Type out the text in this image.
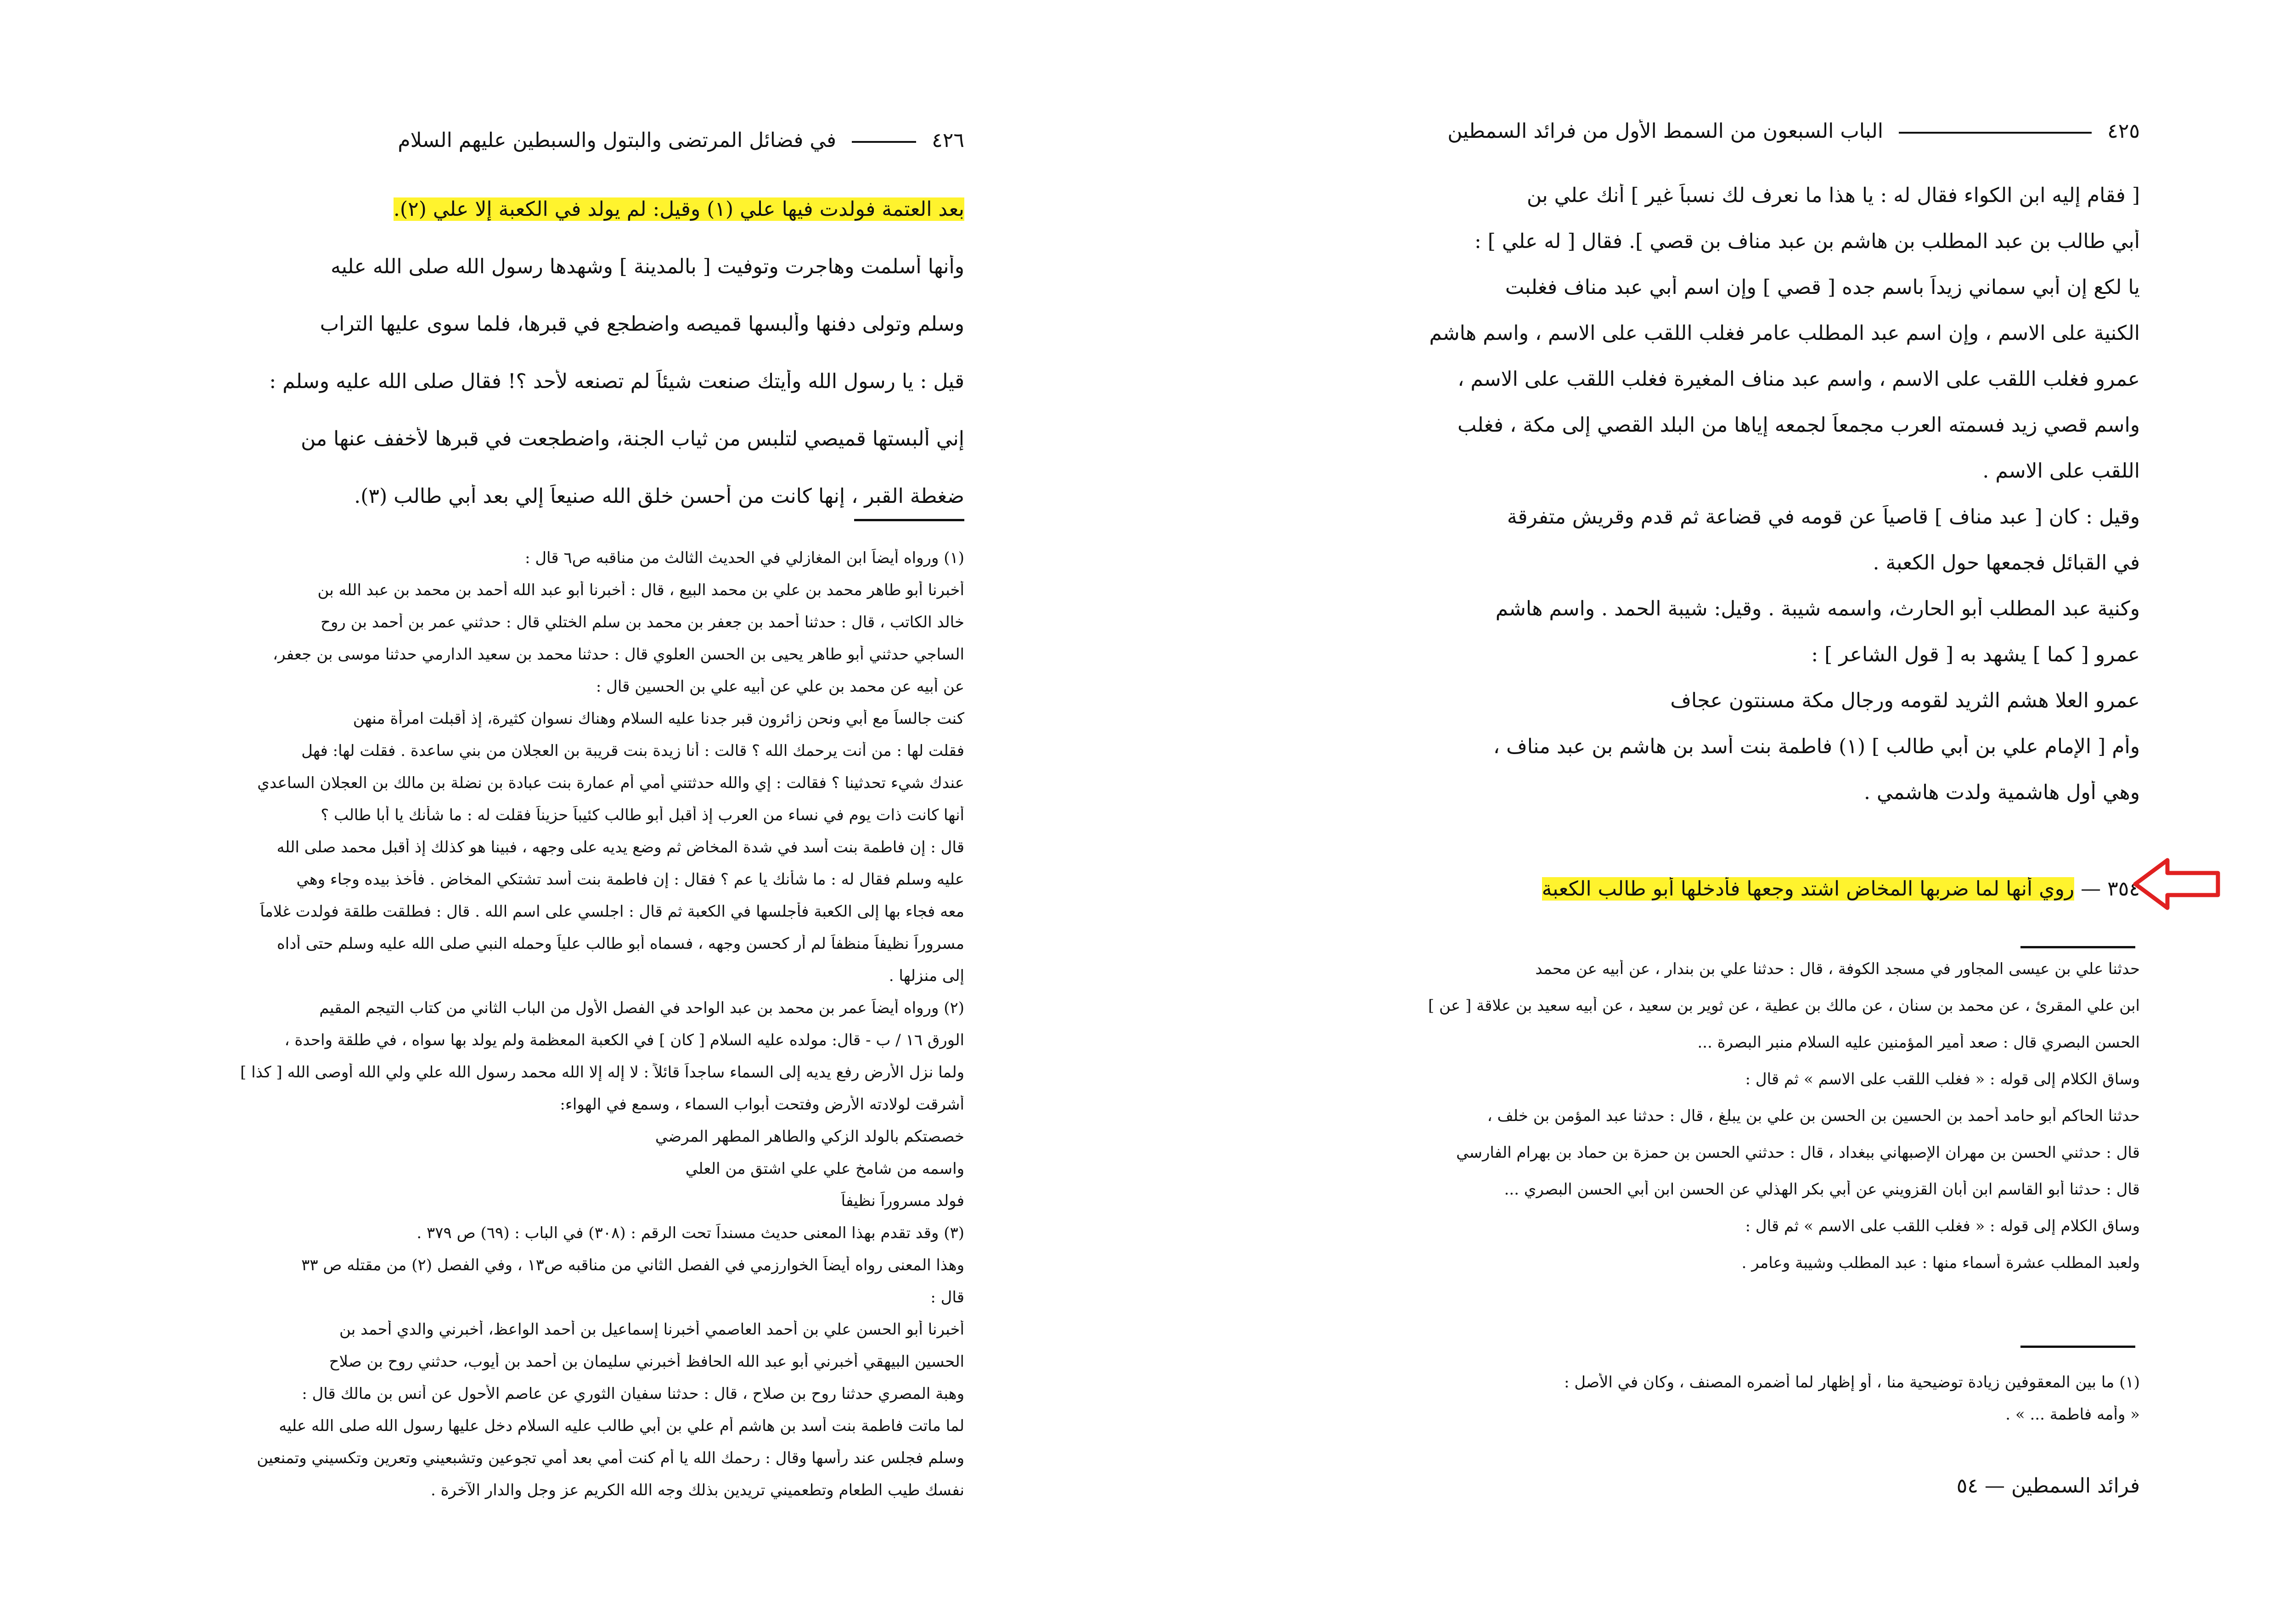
٤٢٦  في فضائل المرتضى والبتول والسبطين عليهم السلام
بعد العتمة فولدت فيها علي (١) وقيل: لم يولد في الكعبة إلا علي (٢).
وأنها أسلمت وهاجرت وتوفيت [ بالمدينة ] وشهدها رسول الله صلى الله عليه
وسلم وتولى دفنها وألبسها قميصه واضطجع في قبرها، فلما سوى عليها التراب
قيل : يا رسول الله وأيتك صنعت شيئاً لم تصنعه لأحد ؟! فقال صلى الله عليه وسلم :
إني ألبستها قميصي لتلبس من ثياب الجنة، واضطجعت في قبرها لأخفف عنها من
ضغطة القبر ، إنها كانت من أحسن خلق الله صنيعاً إلي بعد أبي طالب (٣).
(١) ورواه أيضاً ابن المغازلي في الحديث الثالث من مناقبه ص٦ قال :
أخبرنا أبو طاهر محمد بن علي بن محمد البيع ، قال : أخبرنا أبو عبد الله أحمد بن محمد بن عبد الله بن
خالد الكاتب ، قال : حدثنا أحمد بن جعفر بن محمد بن سلم الختلي قال : حدثني عمر بن أحمد بن روح
الساجي حدثني أبو طاهر يحيى بن الحسن العلوي قال : حدثنا محمد بن سعيد الدارمي حدثنا موسى بن جعفر،
عن أبيه عن محمد بن علي عن أبيه علي بن الحسين قال :
كنت جالساً مع أبي ونحن زائرون قبر جدنا عليه السلام وهناك نسوان كثيرة، إذ أقبلت امرأة منهن
فقلت لها : من أنت يرحمك الله ؟ قالت : أنا زيدة بنت قريبة بن العجلان من بني ساعدة . فقلت لها: فهل
عندك شيء تحدثينا ؟ فقالت : إي والله حدثتني أمي أم عمارة بنت عبادة بن نضلة بن مالك بن العجلان الساعدي
أنها كانت ذات يوم في نساء من العرب إذ أقبل أبو طالب كئيباً حزيناً فقلت له : ما شأنك يا أبا طالب ؟
قال : إن فاطمة بنت أسد في شدة المخاض ثم وضع يديه على وجهه ، فبينا هو كذلك إذ أقبل محمد صلى الله
عليه وسلم فقال له : ما شأنك يا عم ؟ فقال : إن فاطمة بنت أسد تشتكي المخاض . فأخذ بيده وجاء وهي
معه فجاء بها إلى الكعبة فأجلسها في الكعبة ثم قال : اجلسي على اسم الله . قال : فطلقت طلقة فولدت غلاماً
مسروراً نظيفاً منظفاً لم أر كحسن وجهه ، فسماه أبو طالب علياً وحمله النبي صلى الله عليه وسلم حتى أداه
إلى منزلها .
(٢) ورواه أيضاً عمر بن محمد بن عبد الواحد في الفصل الأول من الباب الثاني من كتاب التيجم المقيم
الورق ١٦ / ب - قال: مولده عليه السلام [ كان ] في الكعبة المعظمة ولم يولد بها سواه ، في طلقة واحدة ،
ولما نزل الأرض رفع يديه إلى السماء ساجداً قائلاً : لا إله إلا الله محمد رسول الله علي ولي الله أوصى الله [ كذا ]
أشرقت لولادته الأرض وفتحت أبواب السماء ، وسمع في الهواء:
خصصتكم بالولد الزكي والطاهر المطهر المرضي
واسمه من شامخ علي علي اشتق من العلي
فولد مسروراً نظيفاً
(٣) وقد تقدم بهذا المعنى حديث مسنداً تحت الرقم : (٣٠٨) في الباب : (٦٩) ص ٣٧٩ .
وهذا المعنى رواه أيضاً الخوارزمي في الفصل الثاني من مناقبه ص١٣ ، وفي الفصل (٢) من مقتله ص ٣٣
قال :
أخبرنا أبو الحسن علي بن أحمد العاصمي أخبرنا إسماعيل بن أحمد الواعظ، أخبرني والدي أحمد بن
الحسين البيهقي أخبرني أبو عبد الله الحافظ أخبرني سليمان بن أحمد بن أيوب، حدثني روح بن صلاح
وهبة المصري حدثنا روح بن صلاح ، قال : حدثنا سفيان الثوري عن عاصم الأحول عن أنس بن مالك قال :
لما ماتت فاطمة بنت أسد بن هاشم أم علي بن أبي طالب عليه السلام دخل عليها رسول الله صلى الله عليه
وسلم فجلس عند رأسها وقال : رحمك الله يا أم كنت أمي بعد أمي تجوعين وتشبعيني وتعرين وتكسيني وتمنعين
نفسك طيب الطعام وتطعميني تريدين بذلك وجه الله الكريم عز وجل والدار الآخرة .
٤٢٥  الباب السبعون من السمط الأول من فرائد السمطين
[ فقام إليه ابن الكواء فقال له : يا هذا ما نعرف لك نسباً غير ] أنك علي بن
أبي طالب بن عبد المطلب بن هاشم بن عبد مناف بن قصي ]. فقال [ له علي ] :
يا لكع إن أبي سماني زيداً باسم جده [ قصي ] وإن اسم أبي عبد مناف فغلبت
الكنية على الاسم ، وإن اسم عبد المطلب عامر فغلب اللقب على الاسم ، واسم هاشم
عمرو فغلب اللقب على الاسم ، واسم عبد مناف المغيرة فغلب اللقب على الاسم ،
واسم قصي زيد فسمته العرب مجمعاً لجمعه إياها من البلد القصي إلى مكة ، فغلب
اللقب على الاسم .
وقيل : كان [ عبد مناف ] قاصياً عن قومه في قضاعة ثم قدم وقريش متفرقة
في القبائل فجمعها حول الكعبة .
وكنية عبد المطلب أبو الحارث، واسمه شيبة . وقيل: شيبة الحمد . واسم هاشم
عمرو [ كما ] يشهد به [ قول الشاعر ] :
عمرو العلا هشم الثريد لقومه ورجال مكة مسنتون عجاف
وأم [ الإمام علي بن أبي طالب ] (١) فاطمة بنت أسد بن هاشم بن عبد مناف ،
وهي أول هاشمية ولدت هاشمي .
٣٥٤ — روي أنها لما ضربها المخاض اشتد وجعها فأدخلها أبو طالب الكعبة
حدثنا علي بن عيسى المجاور في مسجد الكوفة ، قال : حدثنا علي بن بندار ، عن أبيه عن محمد
ابن علي المقرئ ، عن محمد بن سنان ، عن مالك بن عطية ، عن ثوير بن سعيد ، عن أبيه سعيد بن علاقة [ عن ]
الحسن البصري قال : صعد أمير المؤمنين عليه السلام منبر البصرة ...
وساق الكلام إلى قوله : « فغلب اللقب على الاسم » ثم قال :
حدثنا الحاكم أبو حامد أحمد بن الحسين بن الحسن بن علي بن يبلغ ، قال : حدثنا عبد المؤمن بن خلف ،
قال : حدثني الحسن بن مهران الإصبهاني ببغداد ، قال : حدثني الحسن بن حمزة بن حماد بن بهرام الفارسي
قال : حدثنا أبو القاسم ابن أبان القزويني عن أبي بكر الهذلي عن الحسن ابن أبي الحسن البصري ...
وساق الكلام إلى قوله : « فغلب اللقب على الاسم » ثم قال :
ولعبد المطلب عشرة أسماء منها : عبد المطلب وشيبة وعامر .
(١) ما بين المعقوفين زيادة توضيحية منا ، أو إظهار لما أضمره المصنف ، وكان في الأصل :
« وأمه فاطمة ... » .
فرائد السمطين — ٥٤
